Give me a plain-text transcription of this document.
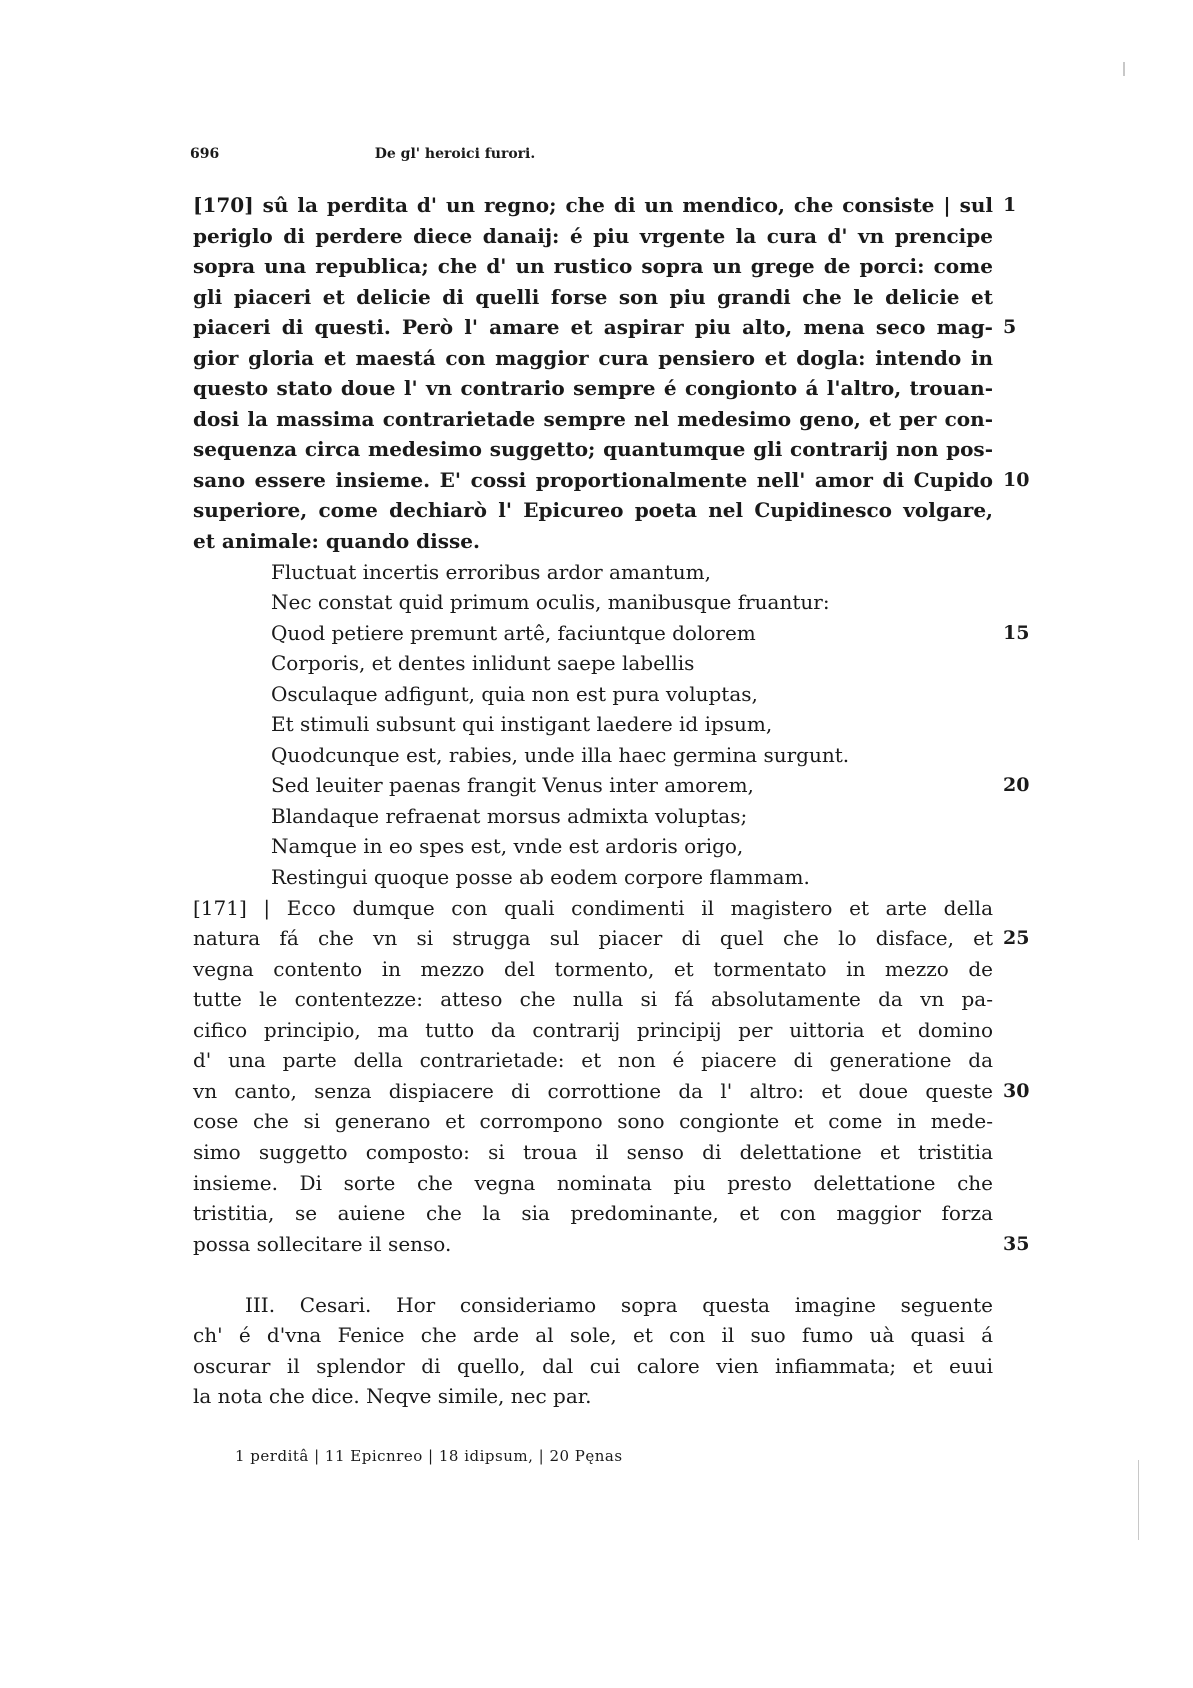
696	De gl' heroici furori.
[170] sû la perdita d' un regno; che di un mendico, che consiste | sul 1
periglo di perdere diece danaij: é piu vrgente la cura d' vn prencipe
sopra una republica; che d' un rustico sopra un grege de porci: come
gli piaceri et delicie di quelli forse son piu grandi che le delicie et
piaceri di questi. Però l' amare et aspirar piu alto, mena seco mag- 5
gior gloria et maestá con maggior cura pensiero et dogla: intendo in
questo stato doue l' vn contrario sempre é congionto á l'altro, trouan-
dosi la massima contrarietade sempre nel medesimo geno, et per con-
sequenza circa medesimo suggetto; quantumque gli contrarij non pos-
sano essere insieme. E' cossi proportionalmente nell' amor di Cupido 10
superiore, come dechiarò l' Epicureo poeta nel Cupidinesco volgare,
et animale: quando disse.
Fluctuat incertis erroribus ardor amantum,
Nec constat quid primum oculis, manibusque fruantur:
Quod petiere premunt artê, faciuntque dolorem	15
Corporis, et dentes inlidunt saepe labellis
Osculaque adfigunt, quia non est pura voluptas,
Et stimuli subsunt qui instigant laedere id ipsum,
Quodcunque est, rabies, unde illa haec germina surgunt.
Sed leuiter paenas frangit Venus inter amorem,	20
Blandaque refraenat morsus admixta voluptas;
Namque in eo spes est, vnde est ardoris origo,
Restingui quoque posse ab eodem corpore flammam.
[171] | Ecco dumque con quali condimenti il magistero et arte della
natura fá che vn si strugga sul piacer di quel che lo disface, et 25
vegna contento in mezzo del tormento, et tormentato in mezzo de
tutte le contentezze: atteso che nulla si fá absolutamente da vn pa-
cifico principio, ma tutto da contrarij principij per uittoria et domino
d' una parte della contrarietade: et non é piacere di generatione da
vn canto, senza dispiacere di corrottione da l' altro: et doue queste 30
cose che si generano et corrompono sono congionte et come in mede-
simo suggetto composto: si troua il senso di delettatione et tristitia
insieme. Di sorte che vegna nominata piu presto delettatione che
tristitia, se auiene che la sia predominante, et con maggior forza
possa sollecitare il senso.	35
III. Cesari. Hor consideriamo sopra questa imagine seguente
ch' é d'vna Fenice che arde al sole, et con il suo fumo uà quasi á
oscurar il splendor di quello, dal cui calore vien infiammata; et euui
la nota che dice. Neqve simile, nec par.
1 perditâ | 11 Epicnreo | 18 idipsum, | 20 Pęnas
